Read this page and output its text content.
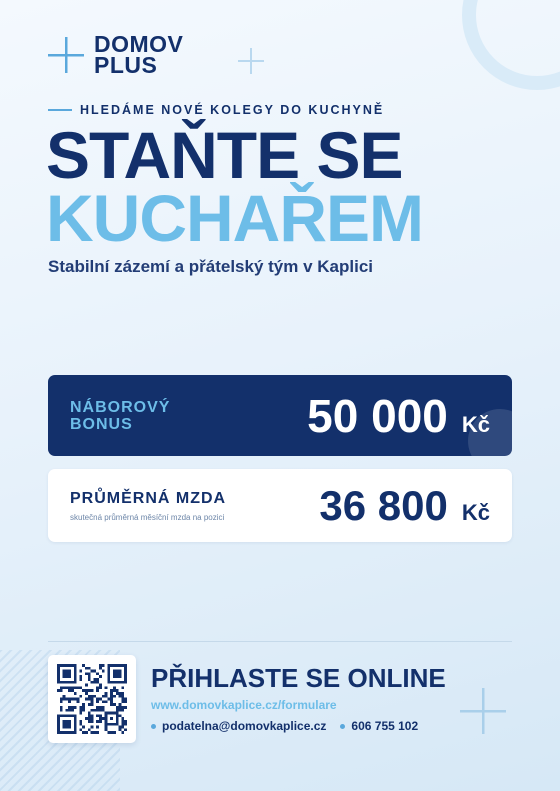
DOMOV
PLUS
HLEDÁME NOVÉ KOLEGY DO KUCHYNĚ
STAŇTE SE
KUCHAŘEM
Stabilní zázemí a přátelský tým v Kaplici
NÁBOROVÝ
BONUS	50 000 Kč
PRŮMĚRNÁ MZDA
skutečná průměrná měsíční mzda na pozici 36 800 Kč
PŘIHLASTE SE ONLINE
www.domovkaplice.cz/formulare
podatelna@domovkaplice.cz 606 755 102
